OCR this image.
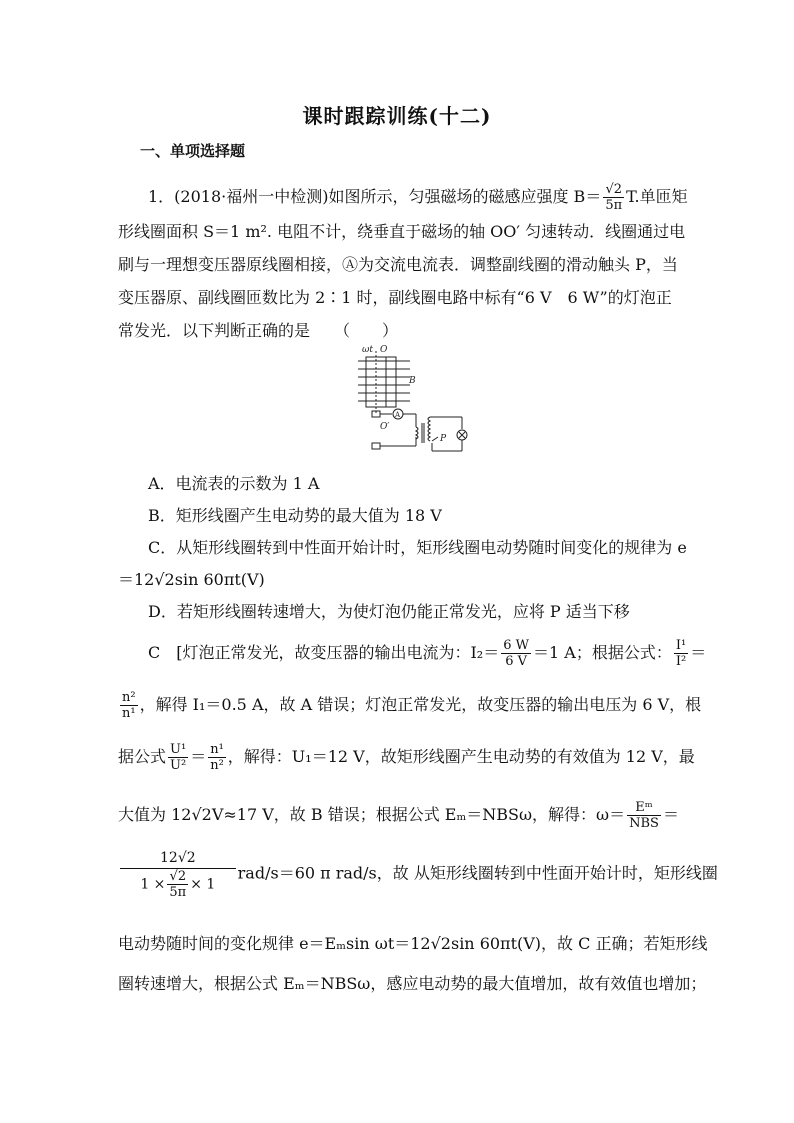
课时跟踪训练(十二)
一、单项选择题
1．(2018·福州一中检测)如图所示，匀强磁场的磁感应强度 $B= \frac{√2}{5\pi} T$.单匝矩
形线圈面积 S＝1 m². 电阻不计，绕垂直于磁场的轴 OO′ 匀速转动．线圈通过电
刷与一理想变压器原线圈相接，Ⓐ为交流电流表．调整副线圈的滑动触头 P，当
变压器原、副线圈匝数比为 2∶1 时，副线圈电路中标有“6 V　6 W”的灯泡正
常发光．以下判断正确的是　　（　　）
ωt O
B
O′
A
P
A．电流表的示数为 1 A
B．矩形线圈产生电动势的最大值为 18 V
C．从矩形线圈转到中性面开始计时，矩形线圈电动势随时间变化的规律为 e
＝12√2sin 60πt(V)
D．若矩形线圈转速增大，为使灯泡仍能正常发光，应将 P 适当下移
C　[灯泡正常发光，故变压器的输出电流为：$I_2= \frac{6 W}{6 V} =1$ A；根据公式： $\frac{\text{I¹}}{\text{I²}}$ ＝
$\frac{\text{n²}}{\text{n¹}}$ ，解得 I₁＝0.5 A，故 A 错误；灯泡正常发光，故变压器的输出电压为 6 V，根
据公式 $\frac{\text{U¹}}{\text{U²}} = \frac{\text{n¹}}{\text{n²}}$ ，解得：U₁＝12 V，故矩形线圈产生电动势的有效值为 12 V，最
大值为 12√2V≈17 V，故 B 错误；根据公式 Eₘ＝NBSω，解得：$\omega= \frac{\text{Eᵐ}}{\text{NBS}}$ ＝
$\frac{12√2}{1 \times \frac{√2}{5\pi} \times 1} rad/s=60$ π rad/s，故 从矩形线圈转到中性面开始计时，矩形线圈
电动势随时间的变化规律 e＝Eₘsin ωt＝12√2sin 60πt(V)，故 C 正确；若矩形线
圈转速增大，根据公式 Eₘ＝NBSω，感应电动势的最大值增加，故有效值也增加；
